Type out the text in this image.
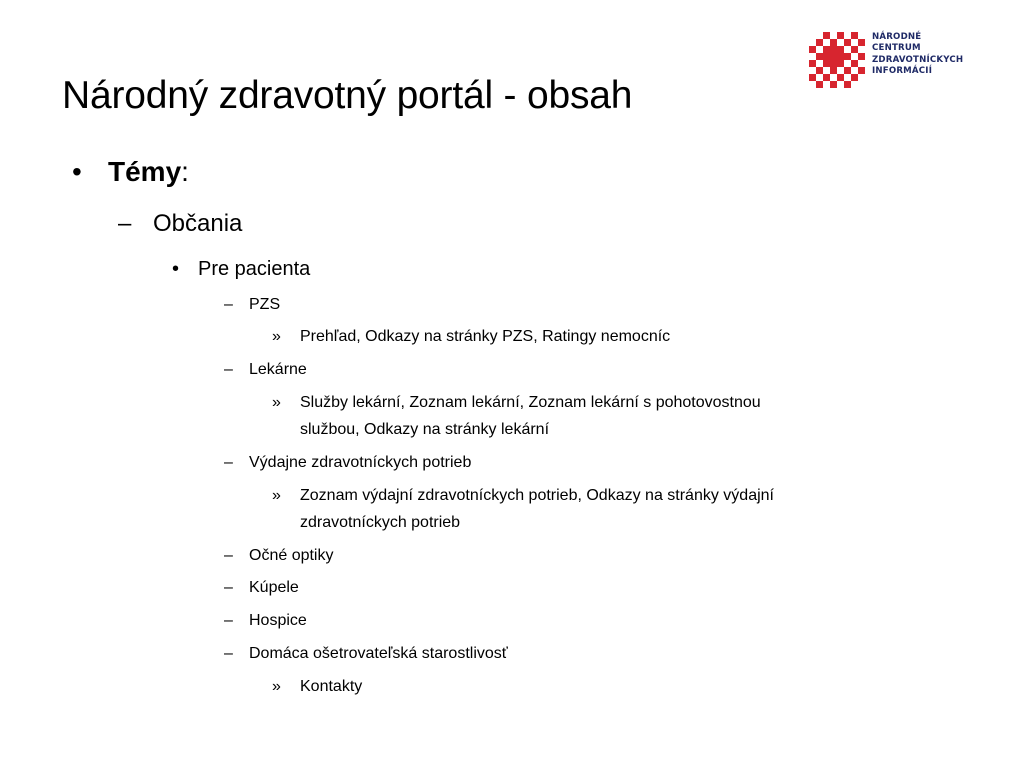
Národný zdravotný portál - obsah
NÁRODNÉ
CENTRUM
ZDRAVOTNÍCKYCH
INFORMÁCIÍ
• Témy:
– Občania
• Pre pacienta
– PZS
» Prehľad, Odkazy na stránky PZS, Ratingy nemocníc
– Lekárne
» Služby lekární, Zoznam lekární, Zoznam lekární s pohotovostnou
službou, Odkazy na stránky lekární
– Výdajne zdravotníckych potrieb
» Zoznam výdajní zdravotníckych potrieb, Odkazy na stránky výdajní
zdravotníckych potrieb
– Očné optiky
– Kúpele
– Hospice
– Domáca ošetrovateľská starostlivosť
» Kontakty
